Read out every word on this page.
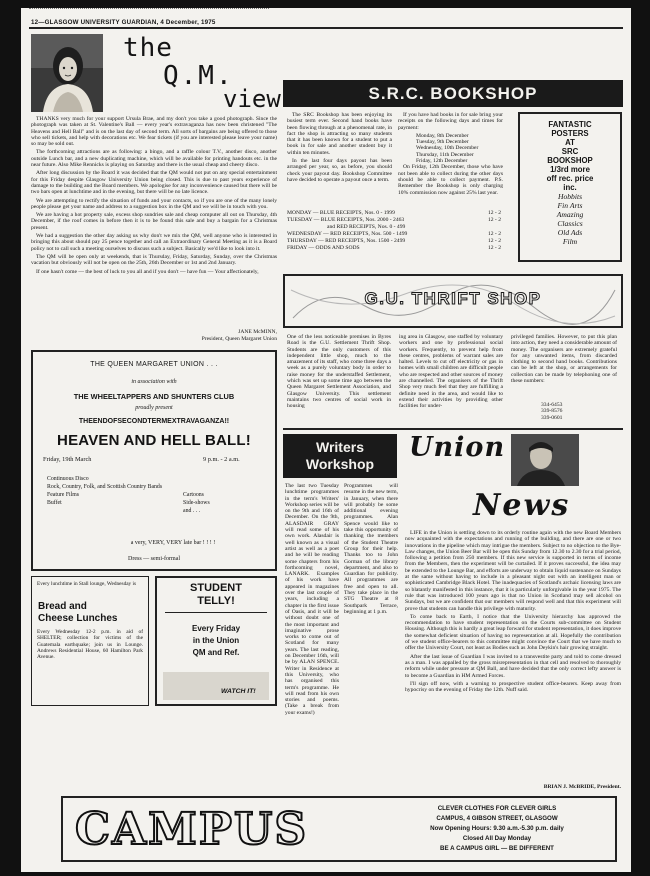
12—GLASGOW UNIVERSITY GUARDIAN, 4 December, 1975
the
Q.M.
view

THANKS very much for your support Ursula Brae, and my don't you take a good photograph. Since the photograph was taken at St. Valentine's Ball — every year's extravaganza has now been christened "The Heavens and Hell Ball" and is on the last day of second term. All sorts of bargains are being offered to those who sell tickets, and help with decorations etc. We fear tickets (if you are interested please leave your name) so may be sold out.

The forthcoming attractions are as following: a bingo, and a raffle colour T.V., another disco, another outside Lunch bar, and a new duplicating machine, which will be available for printing handouts etc. in the near future. Also Mike Rennicks is playing on Saturday and there is the usual cheap and cheery disco.

After long discussion by the Board it was decided that the QM would not put on any special entertainment for this Friday despite Glasgow University Union being closed. This is due to past years experience of damage to the building and the Board members. We apologise for any inconvenience caused but there will be two bars open at lunchtime and in the evening, but there will be no late licence.

We are attempting to rectify the situation of funds and your contacts, so if you are one of the many lonely people please get your name and address to a suggestion box in the QM and we will be in touch with you.

We are having a hot property sale, excess shop sundries sale and cheap computer all out on Thursday, 4th December, if the roof comes in before then it is to be found this sale and buy a bargain for a Christmas present.

We had a suggestion the other day asking us why don't we mix the QM, well anyone who is interested in bringing this about should pay 25 pence together and call an Extraordinary General Meeting as it is a Board policy not to call such a meeting ourselves to discuss such a subject. Basically we'd like to look into it.

The QM will be open only at weekends, that is Thursday, Friday, Saturday, Sunday, over the Christmas vacation but obviously will not be open on the 25th, 26th December or 1st and 2nd January.

If one hasn't come — the best of luck to you all and if you don't — have fun — Your affectionately,

JANE McMINN,
President, Queen Margaret Union
THE QUEEN MARGARET UNION . . .
in association with
THE WHEELTAPPERS AND SHUNTERS CLUB
proudly present
THEENDOFSECONDTERMEXTRAVAGANZA!!
HEAVEN AND HELL BALL!
Friday, 19th March	9 p.m. - 2 a.m.
Continuous Disco
Rock, Country, Folk, and Scottish Country Bands
Feature Films	Cartoons
Buffet	Side-shows
and . . .
a very, VERY, VERY late bar ! ! ! !
Dress — semi-formal
Every lunchtime in Stall lounge, Wednesday is
Bread and
Cheese Lunches
Every Wednesday 12-2 p.m. in aid of SHELTER; collection for victims of the Guatemala earthquake; join us in Lounge. Andrews Residential House, 60 Hamilton Park Avenue.
STUDENT
TELLY!
Every Friday
in the Union
QM and Ref.
WATCH IT!
S.R.C. BOOKSHOP

The SRC Bookshop has been enjoying its busiest term ever. Second hand books have been flowing through at a phenomenal rate, in fact the shop is attracting so many students that it has been known for a student to put a book in for sale and another student buy it within ten minutes.

In the last four days payout has been arranged per year, so, as before, you should check your payout day. Bookshop Committee have decided to operate a payout once a term.

If you have had books in for sale bring your receipts on the following days and times for payment:

Monday, 8th December
Tuesday, 9th December
Wednesday, 10th December
Thursday, 11th December
Friday, 12th December

On Friday, 12th December, those who have not been able to collect during the other days should be able to collect payment. P.S. Remember the Bookshop is only charging 10% commission now against 25% last year.

MONDAY — BLUE RECEIPTS, Nos. 0 - 1999	12 - 2
TUESDAY — BLUE RECEIPTS, Nos. 2000 - 2463	12 - 2
and RED RECEIPTS, Nos. 0 - 499
WEDNESDAY — RED RECEIPTS, Nos. 500 - 1499	12 - 2
THURSDAY — RED RECEIPTS, Nos. 1500 - 2499	12 - 2
FRIDAY — ODDS AND SODS	12 - 2
FANTASTIC
POSTERS
AT
SRC
BOOKSHOP
1/3rd more
off rec. price
inc.
Hobbits
Fin Arts
Amazing
Classics
Old Ads
Film
G.U. THRIFT SHOP
One of the less noticeable premises in Byres Road is the G.U. Settlement Thrift Shop. Students are the only customers of this independent little shop, much to the amazement of its staff, who come three days a week as a purely voluntary body in order to raise money for the understaffed Settlement, which was set up some time ago between the Queen Margaret Settlement Association, and Glasgow University. This settlement maintains two centres of social work in housing
ing area in Glasgow, one staffed by voluntary workers and one by professional social workers. Frequently, to prevent help from these centres, problems of warrant sales are halted. Levels to cut off electricity or gas in homes with small children are difficult people who are respected and other sources of money are channelled. The organisers of the Thrift Shop very much feel that they are fulfilling a definite need in the area, and would like to extend their activities by providing other facilities for under-
privileged families. However, to put this plan into action, they need a considerable amount of money. The organisers are extremely grateful for any unwanted items, from discarded clothing to second hand books. Contributions can be left at the shop, or arrangements for collection can be made by telephoning one of these numbers:
334-6453
339-8576
339-0601
Writers
Workshop
The last two Tuesday lunchtime programmes in the term's Writers' Workshop series will be on the 9th and 16th of December. On the 9th, ALASDAIR GRAY will read some of his own work. Alasdair is well known as a visual artist as well as a poet and he will be reading some chapters from his forthcoming novel, LANARK. Examples of his work have appeared in magazines over the last couple of years, including a chapter in the first issue of Oasis, and it will be without doubt one of the most important and imaginative prose works to come out of Scotland for many years. The last reading, on December 16th, will be by ALAN SPENCE. Writer in Residence at this University, who has organised this term's programme. He will read from his own stories and poems. (Take a break from your exams!)
Programmes will resume in the new term, in January, when there will probably be some additional evening programmes. Alan Spence would like to take this opportunity of thanking the members of the Student Theatre Group for their help. Thanks too to John Gorman of the library department, and also to Guardian for publicity. All programmes are free and open to all. They take place in the STG Theatre at 8 Southpark Terrace, beginning at 1 p.m.
Union
News

LIFE in the Union is settling down to its orderly routine again with the new Board Members now acquainted with the expectations and running of the building, and there are one or two innovations in the pipeline which may intrigue the members. Subject to no objection to the Bye-Law changes, the Union Beer Bar will be open this Sunday from 12.30 to 2.30 for a trial period, following a petition from 250 members. If this new service is supported in terms of income from the Members, then the experiment will be curtailed. If it proves successful, the idea may be extended to the Lounge Bar, and efforts are underway to obtain liquid sustenance on Sundays at the same without having to include in a pleasant night out with an intelligent man or sophisticated Cambridge Black Hotel. The inadequacies of Scotland's archaic licensing laws are so blatantly manifested in this instance, that it is particularly unforgivable in the year 1975. The rule that was introduced 100 years ago is that no Union in Scotland may sell alcohol on Sundays, but we are confident that our members will respond well and that this experiment will prove that students can handle this privilege with maturity.

To come back to Earth, I notice that the University hierarchy has approved the recommendation to have student representation on the Courts sub-committee on Student Housing. Although this is hardly a great leap forward for student representation, it does improve the somewhat deficient situation of having no representation at all. Hopefully the contribution of we student office-bearers to this committee might convince the Court that we have much to offer the University Court, not least as Bodies such as John Deykin's hair growing straight.

After the last issue of Guardian I was invited to a transvestite party and told to come dressed as a man. I was appalled by the gross misrepresentation in that cell and resolved to thoroughly reform while under pressure at QM Ball, and have decided that the only correct lefty answer is to become a Guardian in HM Armed Forces.

I'll sign off now, with a warning to prospective student office-bearers. Keep away from hypocrisy on the evening of Friday the 12th. Nuff said.

BRIAN J. McBRIDE, President.
CAMPUS	CLEVER CLOTHES FOR CLEVER GIRLS
CAMPUS, 4 GIBSON STREET, GLASGOW
Now Opening Hours: 9.30 a.m.-5.30 p.m. daily
Closed All Day Monday
BE A CAMPUS GIRL — BE DIFFERENT
